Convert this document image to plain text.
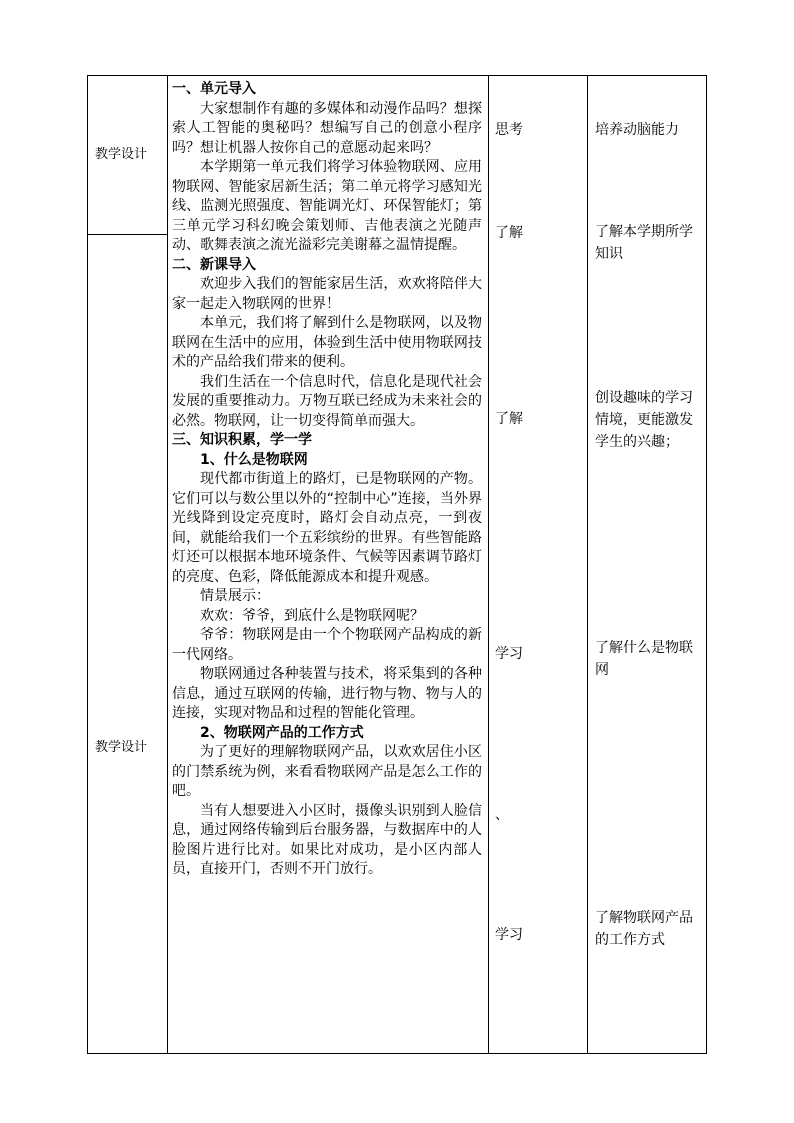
教学设计
教学设计

一、单元导入

大家想制作有趣的多媒体和动漫作品吗？想探索人工智能的奥秘吗？想编写自己的创意小程序吗？想让机器人按你自己的意愿动起来吗？

本学期第一单元我们将学习体验物联网、应用物联网、智能家居新生活；第二单元将学习感知光线、监测光照强度、智能调光灯、环保智能灯；第三单元学习科幻晚会策划师、吉他表演之光随声动、歌舞表演之流光溢彩完美谢幕之温情提醒。

二、新课导入

欢迎步入我们的智能家居生活，欢欢将陪伴大家一起走入物联网的世界！

本单元，我们将了解到什么是物联网，以及物联网在生活中的应用，体验到生活中使用物联网技术的产品给我们带来的便利。

我们生活在一个信息时代，信息化是现代社会发展的重要推动力。万物互联已经成为未来社会的必然。物联网，让一切变得简单而强大。

三、知识积累，学一学

1、什么是物联网

现代都市街道上的路灯，已是物联网的产物。它们可以与数公里以外的“控制中心”连接，当外界光线降到设定亮度时，路灯会自动点亮，一到夜间，就能给我们一个五彩缤纷的世界。有些智能路灯还可以根据本地环境条件、气候等因素调节路灯的亮度、色彩，降低能源成本和提升观感。

情景展示：

欢欢：爷爷，到底什么是物联网呢？

爷爷：物联网是由一个个物联网产品构成的新一代网络。

物联网通过各种装置与技术，将采集到的各种信息，通过互联网的传输，进行物与物、物与人的连接，实现对物品和过程的智能化管理。

2、物联网产品的工作方式

为了更好的理解物联网产品，以欢欢居住小区的门禁系统为例，来看看物联网产品是怎么工作的吧。

当有人想要进入小区时，摄像头识别到人脸信息，通过网络传输到后台服务器，与数据库中的人脸图片进行比对。如果比对成功，是小区内部人员，直接开门，否则不开门放行。

思考
了解
了解
学习
、
学习
培养动脑能力
了解本学期所学知识
创设趣味的学习情境，更能激发学生的兴趣；
了解什么是物联网
了解物联网产品的工作方式
